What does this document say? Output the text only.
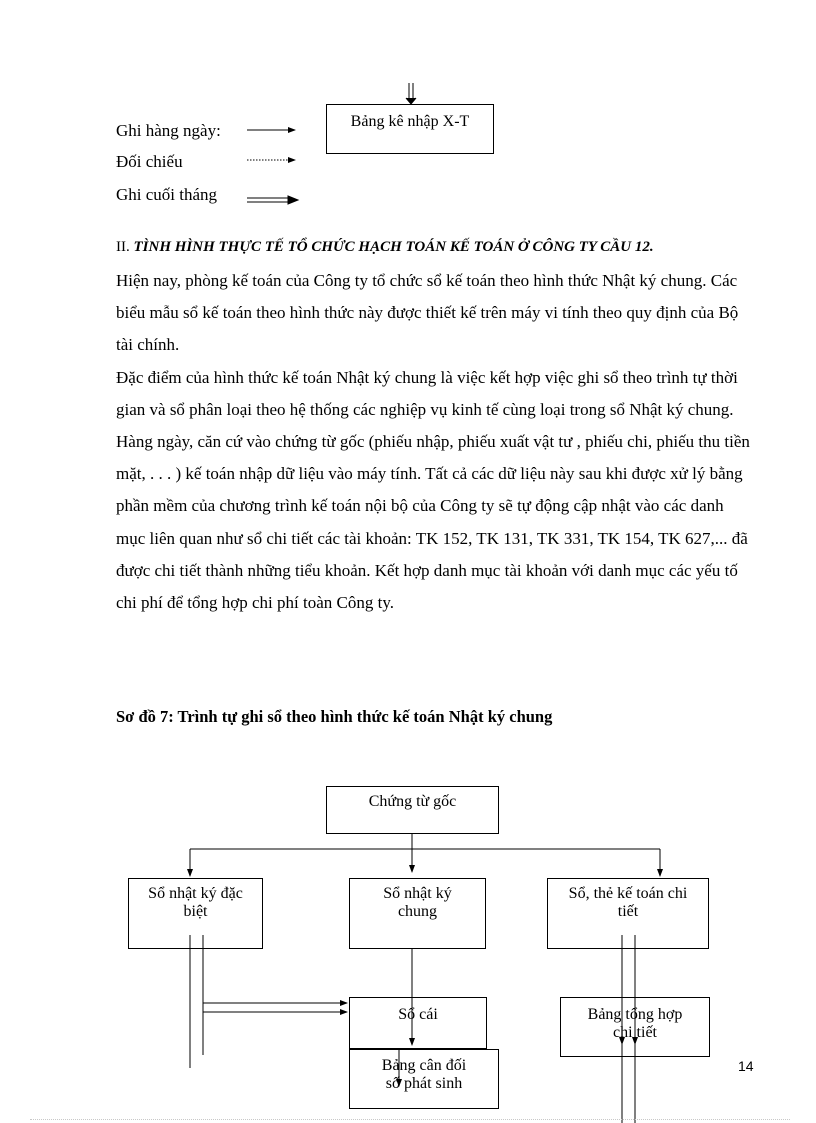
Bảng kê nhập X-T
Ghi hàng ngày:
Đối chiếu
Ghi cuối tháng
II. TÌNH HÌNH THỰC TẾ TỔ CHỨC HẠCH TOÁN KẾ TOÁN Ở CÔNG TY CẦU 12.

Hiện nay, phòng kế toán của Công ty tổ chức sổ kế toán theo hình thức Nhật ký chung. Các biểu mẫu sổ kế toán theo hình thức này được thiết kế trên máy vi tính theo quy định của Bộ tài chính.

Đặc điểm của hình thức kế toán Nhật ký chung là việc kết hợp việc ghi sổ theo trình tự thời gian và sổ phân loại theo hệ thống các nghiệp vụ kinh tế cùng loại trong sổ Nhật ký chung. Hàng ngày, căn cứ vào chứng từ gốc (phiếu nhập, phiếu xuất vật tư , phiếu chi, phiếu thu tiền mặt, . . . ) kế toán nhập dữ liệu vào máy tính. Tất cả các dữ liệu này sau khi được xử lý bằng phần mềm của chương trình kế toán nội bộ của Công ty sẽ tự động cập nhật vào các danh mục liên quan như sổ chi tiết các tài khoản: TK 152, TK 131, TK 331, TK 154, TK 627,... đã được chi tiết thành những tiểu khoản. Kết hợp danh mục tài khoản với danh mục các yếu tố chi phí để tổng hợp chi phí toàn Công ty.

Sơ đồ 7: Trình tự ghi sổ theo hình thức kế toán Nhật ký chung
Chứng từ gốc
Sổ nhật ký đặc biệt
Sổ nhật ký chung
Sổ, thẻ kế toán chi tiết
Sổ cái	Bảng tổng hợp chi tiết
Bảng cân đối số phát sinh
14
